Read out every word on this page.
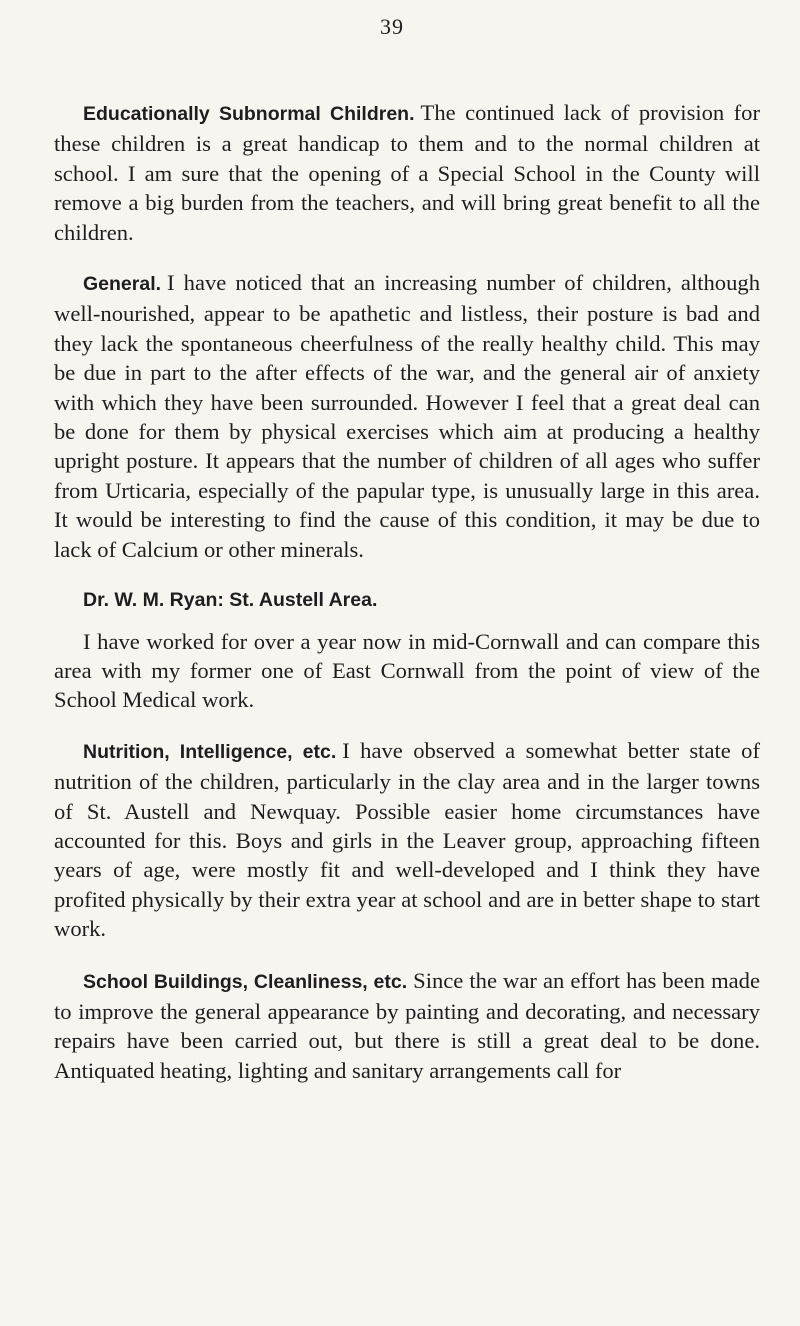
39

Educationally Subnormal Children. The continued lack of provision for these children is a great handicap to them and to the normal children at school. I am sure that the opening of a Special School in the County will remove a big burden from the teachers, and will bring great benefit to all the children.

General. I have noticed that an increasing number of children, although well-nourished, appear to be apathetic and listless, their posture is bad and they lack the spontaneous cheerfulness of the really healthy child. This may be due in part to the after effects of the war, and the general air of anxiety with which they have been surrounded. However I feel that a great deal can be done for them by physical exercises which aim at producing a healthy upright posture. It appears that the number of children of all ages who suffer from Urticaria, especially of the papular type, is unusually large in this area. It would be interesting to find the cause of this condition, it may be due to lack of Calcium or other minerals.

Dr. W. M. Ryan: St. Austell Area.

I have worked for over a year now in mid-Cornwall and can compare this area with my former one of East Cornwall from the point of view of the School Medical work.

Nutrition, Intelligence, etc. I have observed a somewhat better state of nutrition of the children, particularly in the clay area and in the larger towns of St. Austell and Newquay. Possible easier home circumstances have accounted for this. Boys and girls in the Leaver group, approaching fifteen years of age, were mostly fit and well-developed and I think they have profited physically by their extra year at school and are in better shape to start work.

School Buildings, Cleanliness, etc. Since the war an effort has been made to improve the general appearance by painting and decorating, and necessary repairs have been carried out, but there is still a great deal to be done. Antiquated heating, lighting and sanitary arrangements call for
